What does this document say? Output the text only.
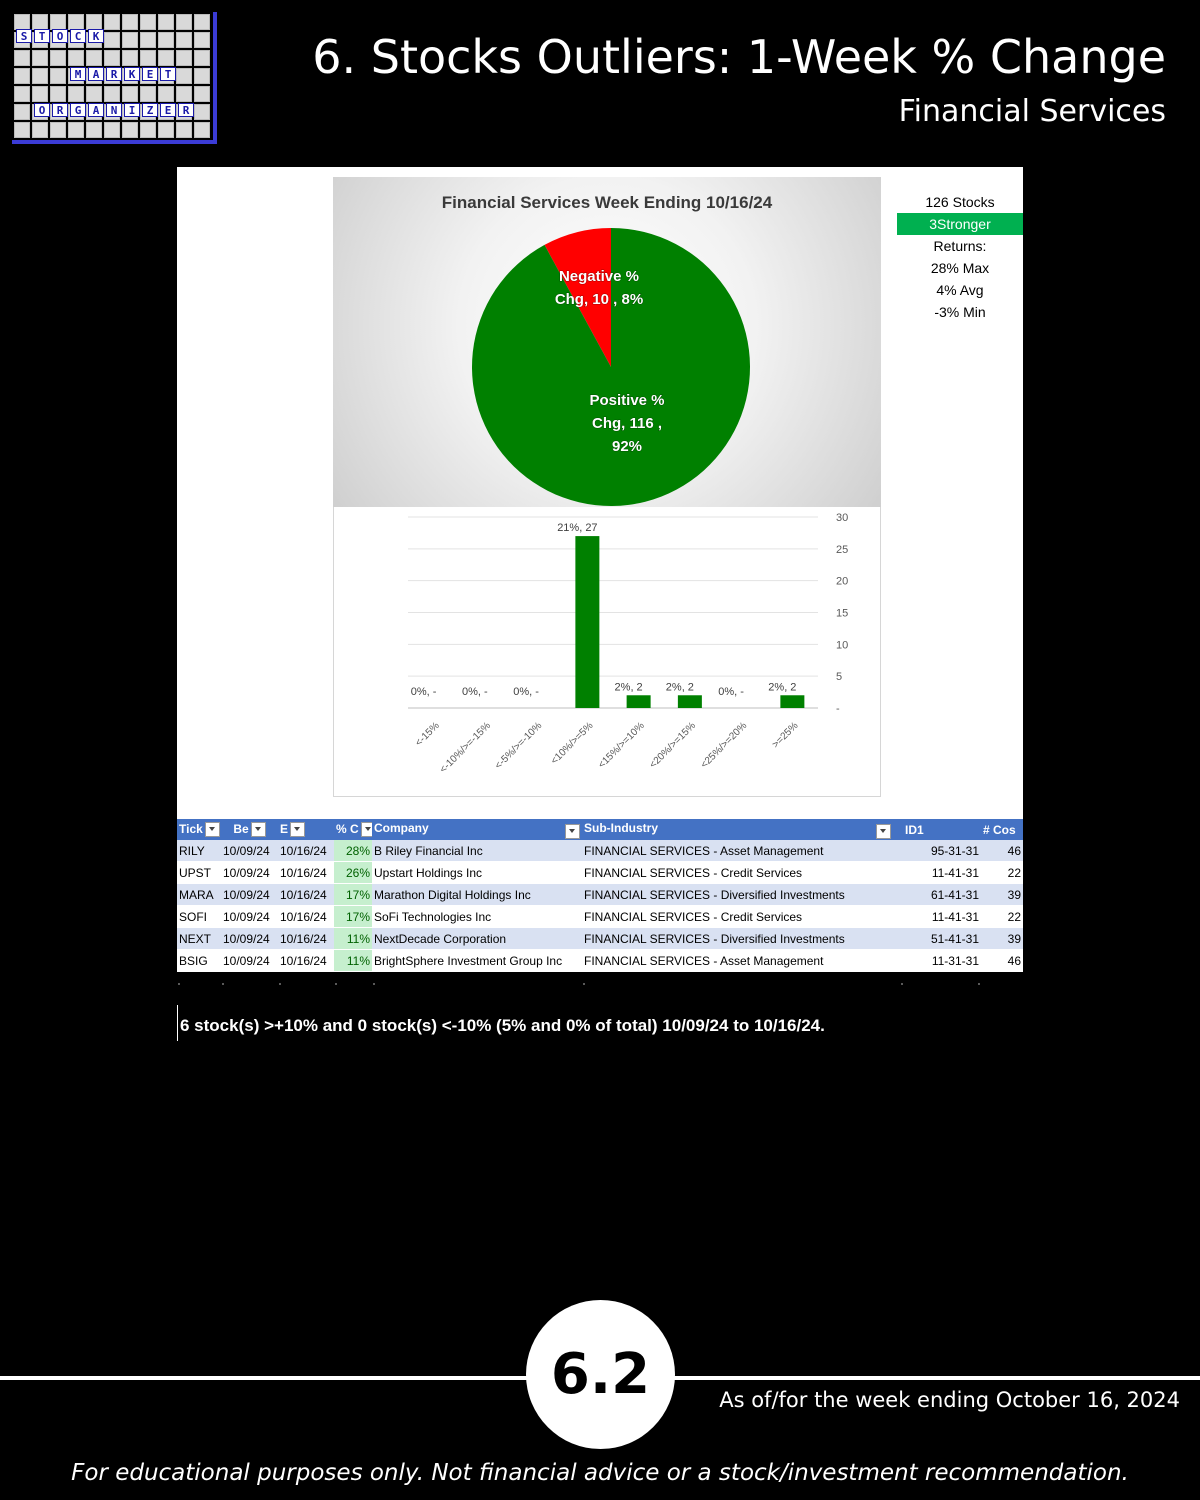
S	T	O	C	K
M	A	R	K	E	T
O	R	G	A	N	I	Z	E	R
6. Stocks Outliers: 1-Week % Change
Financial Services
Financial Services Week Ending 10/16/24
Negative %
Chg, 10 , 8%
Positive %
Chg, 116 ,
92%
-
5
10
15
20
25
30
0%, -
<-15%
0%, -
<-10%/>=-15%
0%, -
<-5%/>=-10%
21%, 27
<10%/>=5%
2%, 2
<15%/>=10%
2%, 2
<20%/>=15%
0%, -
<25%/>=20%
2%, 2
>=25%
126 Stocks
3Stronger
Returns:
28% Max
4% Avg
-3% Min
Tick	Be	E	% C	Company	Sub-Industry	ID1	# Cos
RILY	10/09/24	10/16/24	28%	B Riley Financial Inc	FINANCIAL SERVICES - Asset Management	95-31-31	46
UPST	10/09/24	10/16/24	26%	Upstart Holdings Inc	FINANCIAL SERVICES - Credit Services	11-41-31	22
MARA	10/09/24	10/16/24	17%	Marathon Digital Holdings Inc	FINANCIAL SERVICES - Diversified Investments	61-41-31	39
SOFI	10/09/24	10/16/24	17%	SoFi Technologies Inc	FINANCIAL SERVICES - Credit Services	11-41-31	22
NEXT	10/09/24	10/16/24	11%	NextDecade Corporation	FINANCIAL SERVICES - Diversified Investments	51-41-31	39
BSIG	10/09/24	10/16/24	11%	BrightSphere Investment Group Inc	FINANCIAL SERVICES - Asset Management	11-31-31	46
6 stock(s) >+10% and 0 stock(s) <-10% (5% and 0% of total) 10/09/24 to 10/16/24.
6.2	As of/for the week ending October 16, 2024
For educational purposes only. Not financial advice or a stock/investment recommendation.
